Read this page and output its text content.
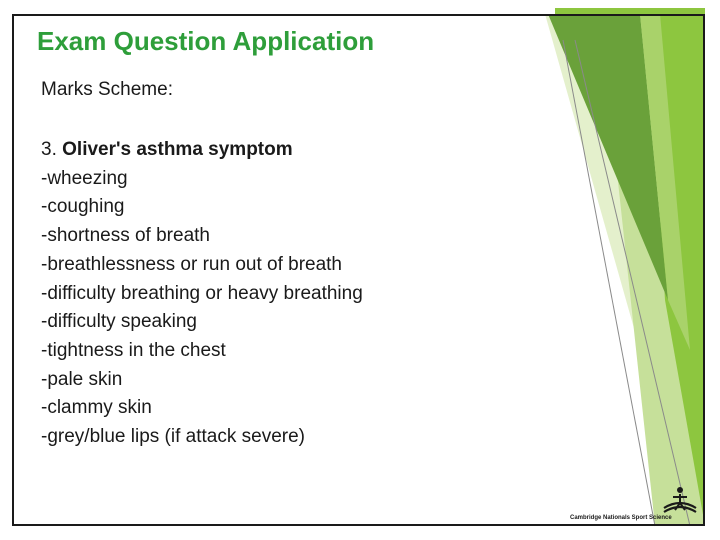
Exam Question Application
Marks Scheme:
3. Oliver's asthma symptom
-wheezing
-coughing
-shortness of breath
-breathlessness or run out of breath
-difficulty breathing or heavy breathing
-difficulty speaking
-tightness in the chest
-pale skin
-clammy skin
-grey/blue lips (if attack severe)
Cambridge Nationals Sport Science
